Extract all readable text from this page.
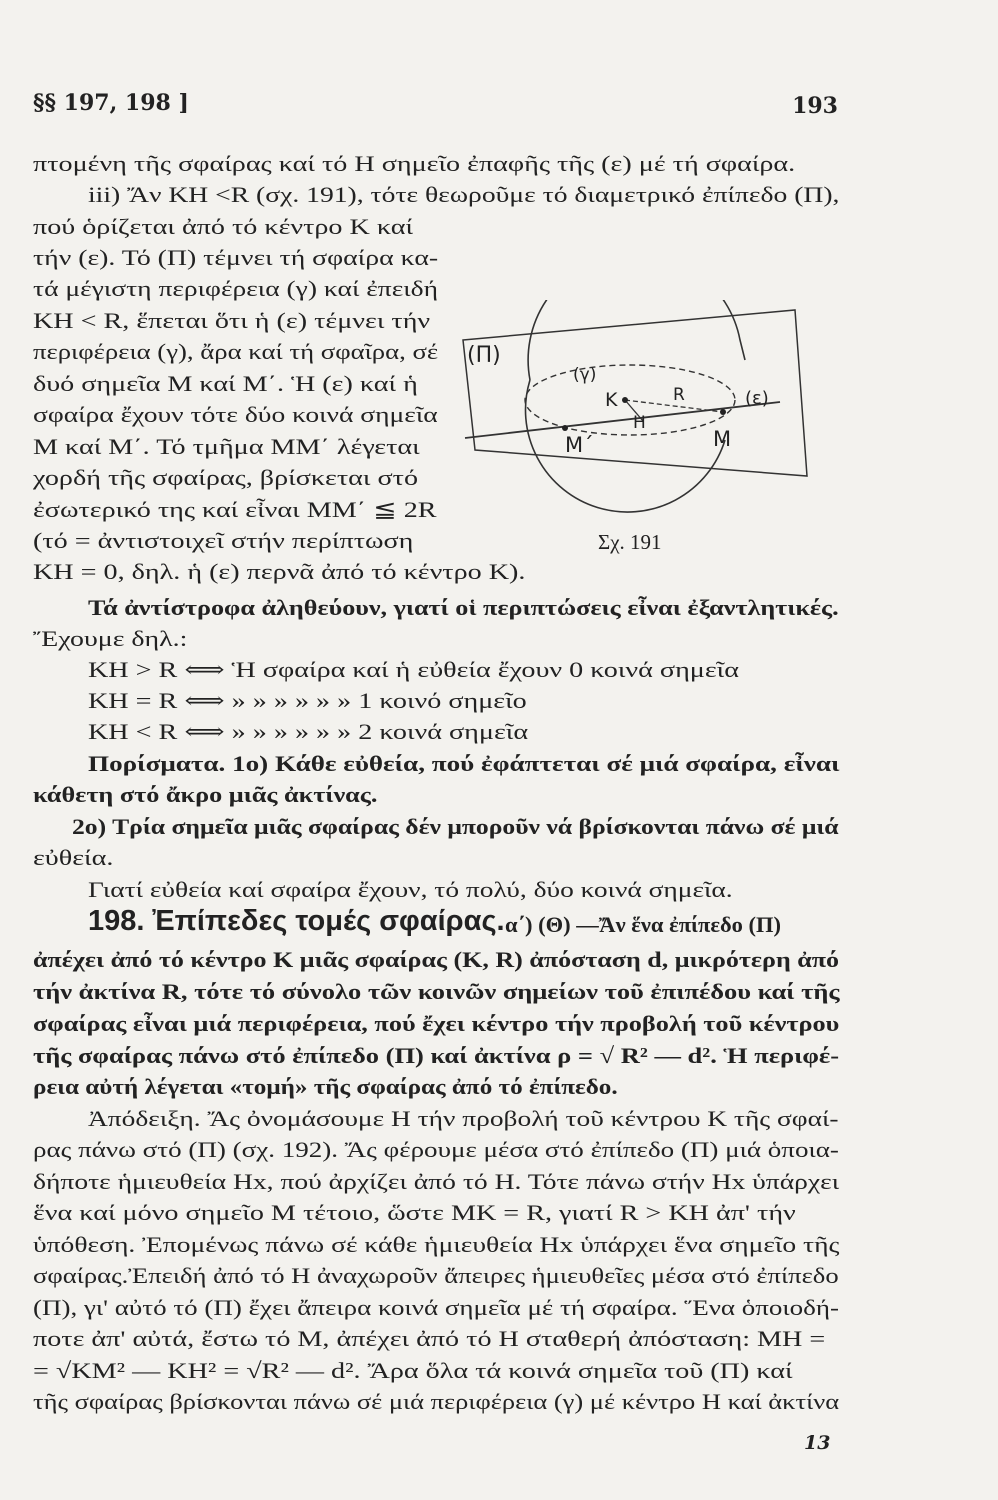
§§ 197, 198 ]	193
πτομένη τῆς σφαίρας καί τό Η σημεῖο ἐπαφῆς τῆς (ε) μέ τή σφαίρα.
iii) Ἄν ΚΗ <R (σχ. 191), τότε θεωροῦμε τό διαμετρικό ἐπίπεδο (Π),
πού ὁρίζεται ἀπό τό κέντρο Κ καί
τήν (ε). Τό (Π) τέμνει τή σφαίρα κα-
τά μέγιστη περιφέρεια (γ) καί ἐπειδή
ΚΗ < R, ἕπεται ὅτι ἡ (ε) τέμνει τήν
περιφέρεια (γ), ἄρα καί τή σφαῖρα, σέ
δυό σημεῖα Μ καί Μ΄. Ἡ (ε) καί ἡ
σφαίρα ἔχουν τότε δύο κοινά σημεῖα
Μ καί Μ΄. Τό τμῆμα ΜΜ΄ λέγεται
χορδή τῆς σφαίρας, βρίσκεται στό
ἐσωτερικό της καί εἶναι ΜΜ΄ ≦ 2R
(τό = ἀντιστοιχεῖ στήν περίπτωση
ΚΗ = 0, δηλ. ἡ (ε) περνᾶ ἀπό τό κέντρο Κ).
Τά ἀντίστροφα ἀληθεύουν, γιατί οἱ περιπτώσεις εἶναι ἐξαντλητικές.
Ἔχουμε δηλ.:
ΚΗ > R ⟺ Ἡ σφαίρα καί ἡ εὐθεία ἔχουν 0 κοινά σημεῖα
ΚΗ = R ⟺ » » » » » » 1 κοινό σημεῖο
ΚΗ < R ⟺ » » » » » » 2 κοινά σημεῖα
Πορίσματα. 1ο) Κάθε εὐθεία, πού ἐφάπτεται σέ μιά σφαίρα, εἶναι
κάθετη στό ἄκρο μιᾶς ἀκτίνας.
2ο) Τρία σημεῖα μιᾶς σφαίρας δέν μποροῦν νά βρίσκονται πάνω σέ μιά
εὐθεία.
Γιατί εὐθεία καί σφαίρα ἔχουν, τό πολύ, δύο κοινά σημεῖα.
ἀπέχει ἀπό τό κέντρο Κ μιᾶς σφαίρας (Κ, R) ἀπόσταση d, μικρότερη ἀπό
τήν ἀκτίνα R, τότε τό σύνολο τῶν κοινῶν σημείων τοῦ ἐπιπέδου καί τῆς
σφαίρας εἶναι μιά περιφέρεια, πού ἔχει κέντρο τήν προβολή τοῦ κέντρου
τῆς σφαίρας πάνω στό ἐπίπεδο (Π) καί ἀκτίνα ρ = √ R² — d². Ἡ περιφέ-
ρεια αὐτή λέγεται «τομή» τῆς σφαίρας ἀπό τό ἐπίπεδο.
Ἀπόδειξη. Ἄς ὀνομάσουμε Η τήν προβολή τοῦ κέντρου Κ τῆς σφαί-
ρας πάνω στό (Π) (σχ. 192). Ἄς φέρουμε μέσα στό ἐπίπεδο (Π) μιά ὁποια-
δήποτε ἡμιευθεία Ηx, πού ἀρχίζει ἀπό τό Η. Τότε πάνω στήν Ηx ὑπάρχει
ἕνα καί μόνο σημεῖο Μ τέτοιο, ὥστε ΜΚ = R, γιατί R > ΚΗ ἀπ' τήν
ὑπόθεση. Ἐπομένως πάνω σέ κάθε ἡμιευθεία Ηx ὑπάρχει ἕνα σημεῖο τῆς
σφαίρας.Ἐπειδή ἀπό τό Η ἀναχωροῦν ἄπειρες ἡμιευθεῖες μέσα στό ἐπίπεδο
(Π), γι' αὐτό τό (Π) ἔχει ἄπειρα κοινά σημεῖα μέ τή σφαίρα. Ἕνα ὁποιοδή-
ποτε ἀπ' αὐτά, ἔστω τό Μ, ἀπέχει ἀπό τό Η σταθερή ἀπόσταση: ΜΗ =
= √ΚΜ² — ΚΗ² = √R² — d². Ἄρα ὅλα τά κοινά σημεῖα τοῦ (Π) καί
τῆς σφαίρας βρίσκονται πάνω σέ μιά περιφέρεια (γ) μέ κέντρο Η καί ἀκτίνα
198. Ἐπίπεδες τομές σφαίρας. α΄) (Θ) —Ἄν ἕνα ἐπίπεδο (Π)
(Π)
(γ)
K	R
H
(ε)
M΄	M
Σχ. 191
13
